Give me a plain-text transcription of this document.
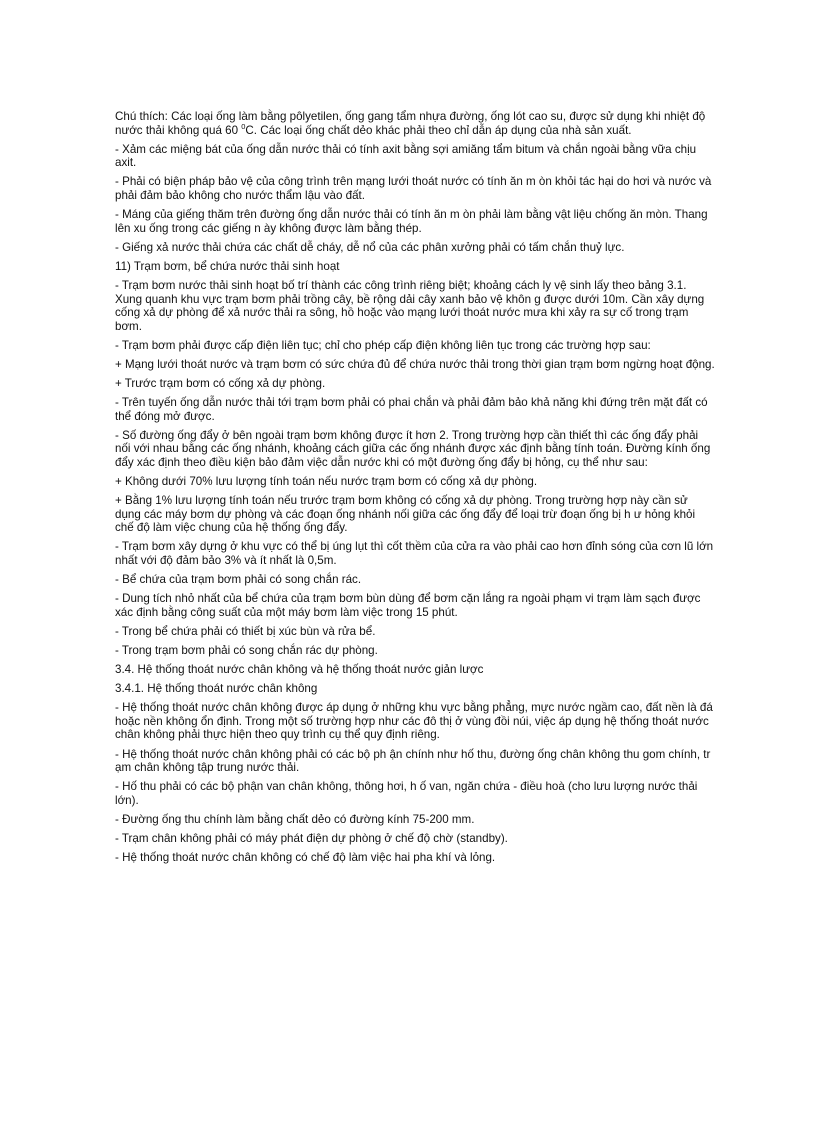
Chú thích: Các loại ống làm bằng pôlyetilen, ống gang tẩm nhựa đường, ống lót cao su, được sử dụng khi nhiệt độ nước thải không quá 60 $^0$C. Các loại ống chất dẻo khác phải theo chỉ dẫn áp dụng của nhà sản xuất.

- Xảm các miệng bát của ống dẫn nước thải có tính axit bằng sợi amiăng tẩm bitum và chắn ngoài bằng vữa chịu axit.

- Phải có biện pháp bảo vệ của công trình trên mạng lưới thoát nước có tính ăn m òn khỏi tác hại do hơi và nước và phải đảm bảo không cho nước thẩm lậu vào đất.

- Máng của giếng thăm trên đường ống dẫn nước thải có tính ăn m òn phải làm bằng vật liệu chống ăn mòn. Thang lên xu ống trong các giếng n ày không được làm bằng thép.

- Giếng xả nước thải chứa các chất dễ cháy, dễ nổ của các phân xưởng phải có tấm chắn thuỷ lực.

11) Trạm bơm, bể chứa nước thải sinh hoạt

- Trạm bơm nước thải sinh hoạt bố trí thành các công trình riêng biệt; khoảng cách ly vệ sinh lấy theo bảng 3.1. Xung quanh khu vực trạm bơm phải trồng cây, bề rộng dải cây xanh bảo vệ khôn g được dưới 10m. Cần xây dựng cống xả dự phòng để xả nước thải ra sông, hồ hoặc vào mạng lưới thoát nước mưa khi xảy ra sự cố trong trạm bơm.

- Trạm bơm phải được cấp điện liên tục; chỉ cho phép cấp điện không liên tục trong các trường hợp sau:

+ Mạng lưới thoát nước và trạm bơm có sức chứa đủ để chứa nước thải trong thời gian trạm bơm ngừng hoạt động.

+ Trước trạm bơm có cống xả dự phòng.

- Trên tuyến ống dẫn nước thải tới trạm bơm phải có phai chắn và phải đảm bảo khả năng khi đứng trên mặt đất có thể đóng mở được.

- Số đường ống đẩy ở bên ngoài trạm bơm không được ít hơn 2. Trong trường hợp cần thiết thì các ống đẩy phải nối với nhau bằng các ống nhánh, khoảng cách giữa các ống nhánh được xác định bằng tính toán. Đường kính ống đẩy xác định theo điều kiện bảo đảm việc dẫn nước khi có một đường ống đẩy bị hỏng, cụ thể như sau:

+ Không dưới 70% lưu lượng tính toán nếu nước trạm bơm có cống xả dự phòng.

+ Bằng 1% lưu lượng tính toán nếu trước trạm bơm không có cống xả dự phòng. Trong trường hợp này cần sử dụng các máy bơm dự phòng và các đoạn ống nhánh nối giữa các ống đẩy để loại trừ đoạn ống bị h ư hỏng khỏi chế độ làm việc chung của hệ thống ống đẩy.

- Trạm bơm xây dựng ở khu vực có thể bị úng lụt thì cốt thềm của cửa ra vào phải cao hơn đỉnh sóng của cơn lũ lớn nhất với độ đảm bảo 3% và ít nhất là 0,5m.

- Bể chứa của trạm bơm phải có song chắn rác.

- Dung tích nhỏ nhất của bể chứa của trạm bơm bùn dùng để bơm cặn lắng ra ngoài phạm vi trạm làm sạch được xác định bằng công suất của một máy bơm làm việc trong 15 phút.

- Trong bể chứa phải có thiết bị xúc bùn và rửa bể.

- Trong trạm bơm phải có song chắn rác dự phòng.

3.4. Hệ thống thoát nước chân không và hệ thống thoát nước giản lược

3.4.1. Hệ thống thoát nước chân không

- Hệ thống thoát nước chân không được áp dụng ở những khu vực bằng phẳng, mực nước ngầm cao, đất nền là đá hoặc nền không ổn định. Trong một số trường hợp như các đô thị ở vùng đồi núi, việc áp dụng hệ thống thoát nước chân không phải thực hiện theo quy trình cụ thể quy định riêng.

- Hệ thống thoát nước chân không phải có các bộ ph ận chính như hố thu, đường ống chân không thu gom chính, tr ạm chân không tập trung nước thải.

- Hố thu phải có các bộ phận van chân không, thông hơi, h ố van, ngăn chứa - điều hoà (cho lưu lượng nước thải lớn).

- Đường ống thu chính làm bằng chất dẻo có đường kính 75-200 mm.

- Trạm chân không phải có máy phát điện dự phòng ở chế độ chờ (standby).

- Hệ thống thoát nước chân không có chế độ làm việc hai pha khí và lỏng.
